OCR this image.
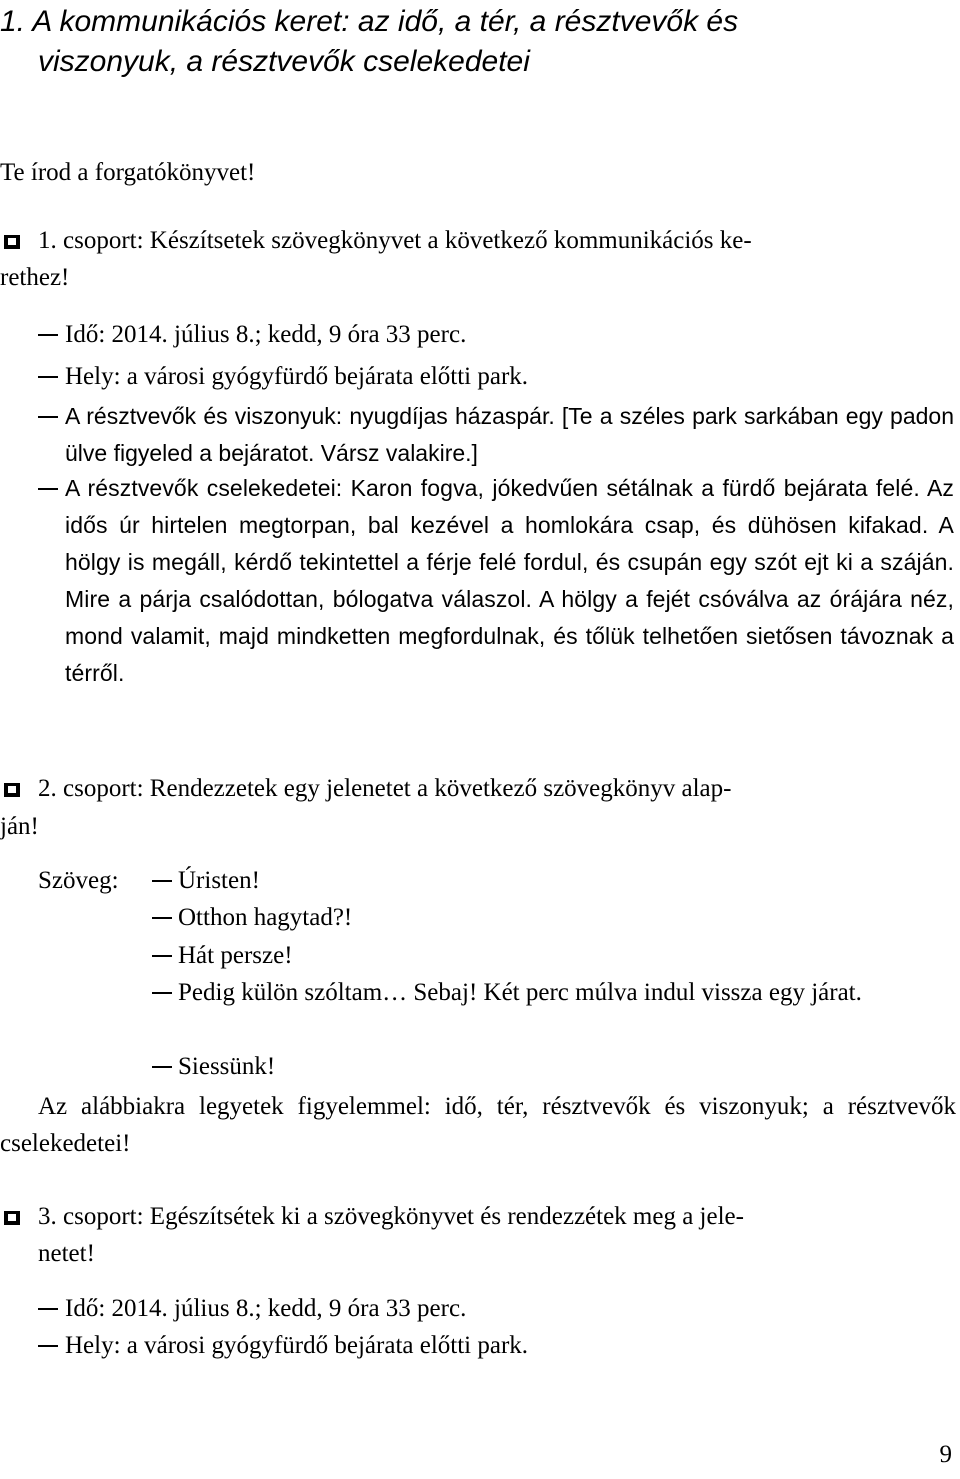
1. A kommunikációs keret: az idő, a tér, a résztvevők és
viszonyuk, a résztvevők cselekedetei

Te írod a forgatókönyvet!

1. csoport: Készítsetek szövegkönyvet a következő kommunikációs ke-
rethez!
Idő: 2014. július 8.; kedd, 9 óra 33 perc.
Hely: a városi gyógyfürdő bejárata előtti park.
A résztvevők és viszonyuk: nyugdíjas házaspár. [Te a széles park sarkában egy padon ülve figyeled a bejáratot. Vársz valakire.]
A résztvevők cselekedetei: Karon fogva, jókedvűen sétálnak a fürdő bejárata felé. Az idős úr hirtelen megtorpan, bal kezével a homlokára csap, és dühösen kifakad. A hölgy is megáll, kérdő tekintettel a férje felé fordul, és csupán egy szót ejt ki a száján. Mire a párja csalódottan, bólogatva válaszol. A hölgy a fejét csóválva az órájára néz, mond valamit, majd mindketten megfordulnak, és tőlük telhetően sietősen távoznak a térről.
2. csoport: Rendezzetek egy jelenetet a következő szövegkönyv alap-
ján!
Szöveg:	Úristen!
Otthon hagytad?!
Hát persze!
Pedig külön szóltam… Sebaj! Két perc múlva indul vissza egy járat.
Siessünk!
Az alábbiakra legyetek figyelemmel: idő, tér, résztvevők és viszonyuk; a résztvevők cselekedetei!
3. csoport: Egészítsétek ki a szövegkönyvet és rendezzétek meg a jele-
netet!
Idő: 2014. július 8.; kedd, 9 óra 33 perc.
Hely: a városi gyógyfürdő bejárata előtti park.
9
